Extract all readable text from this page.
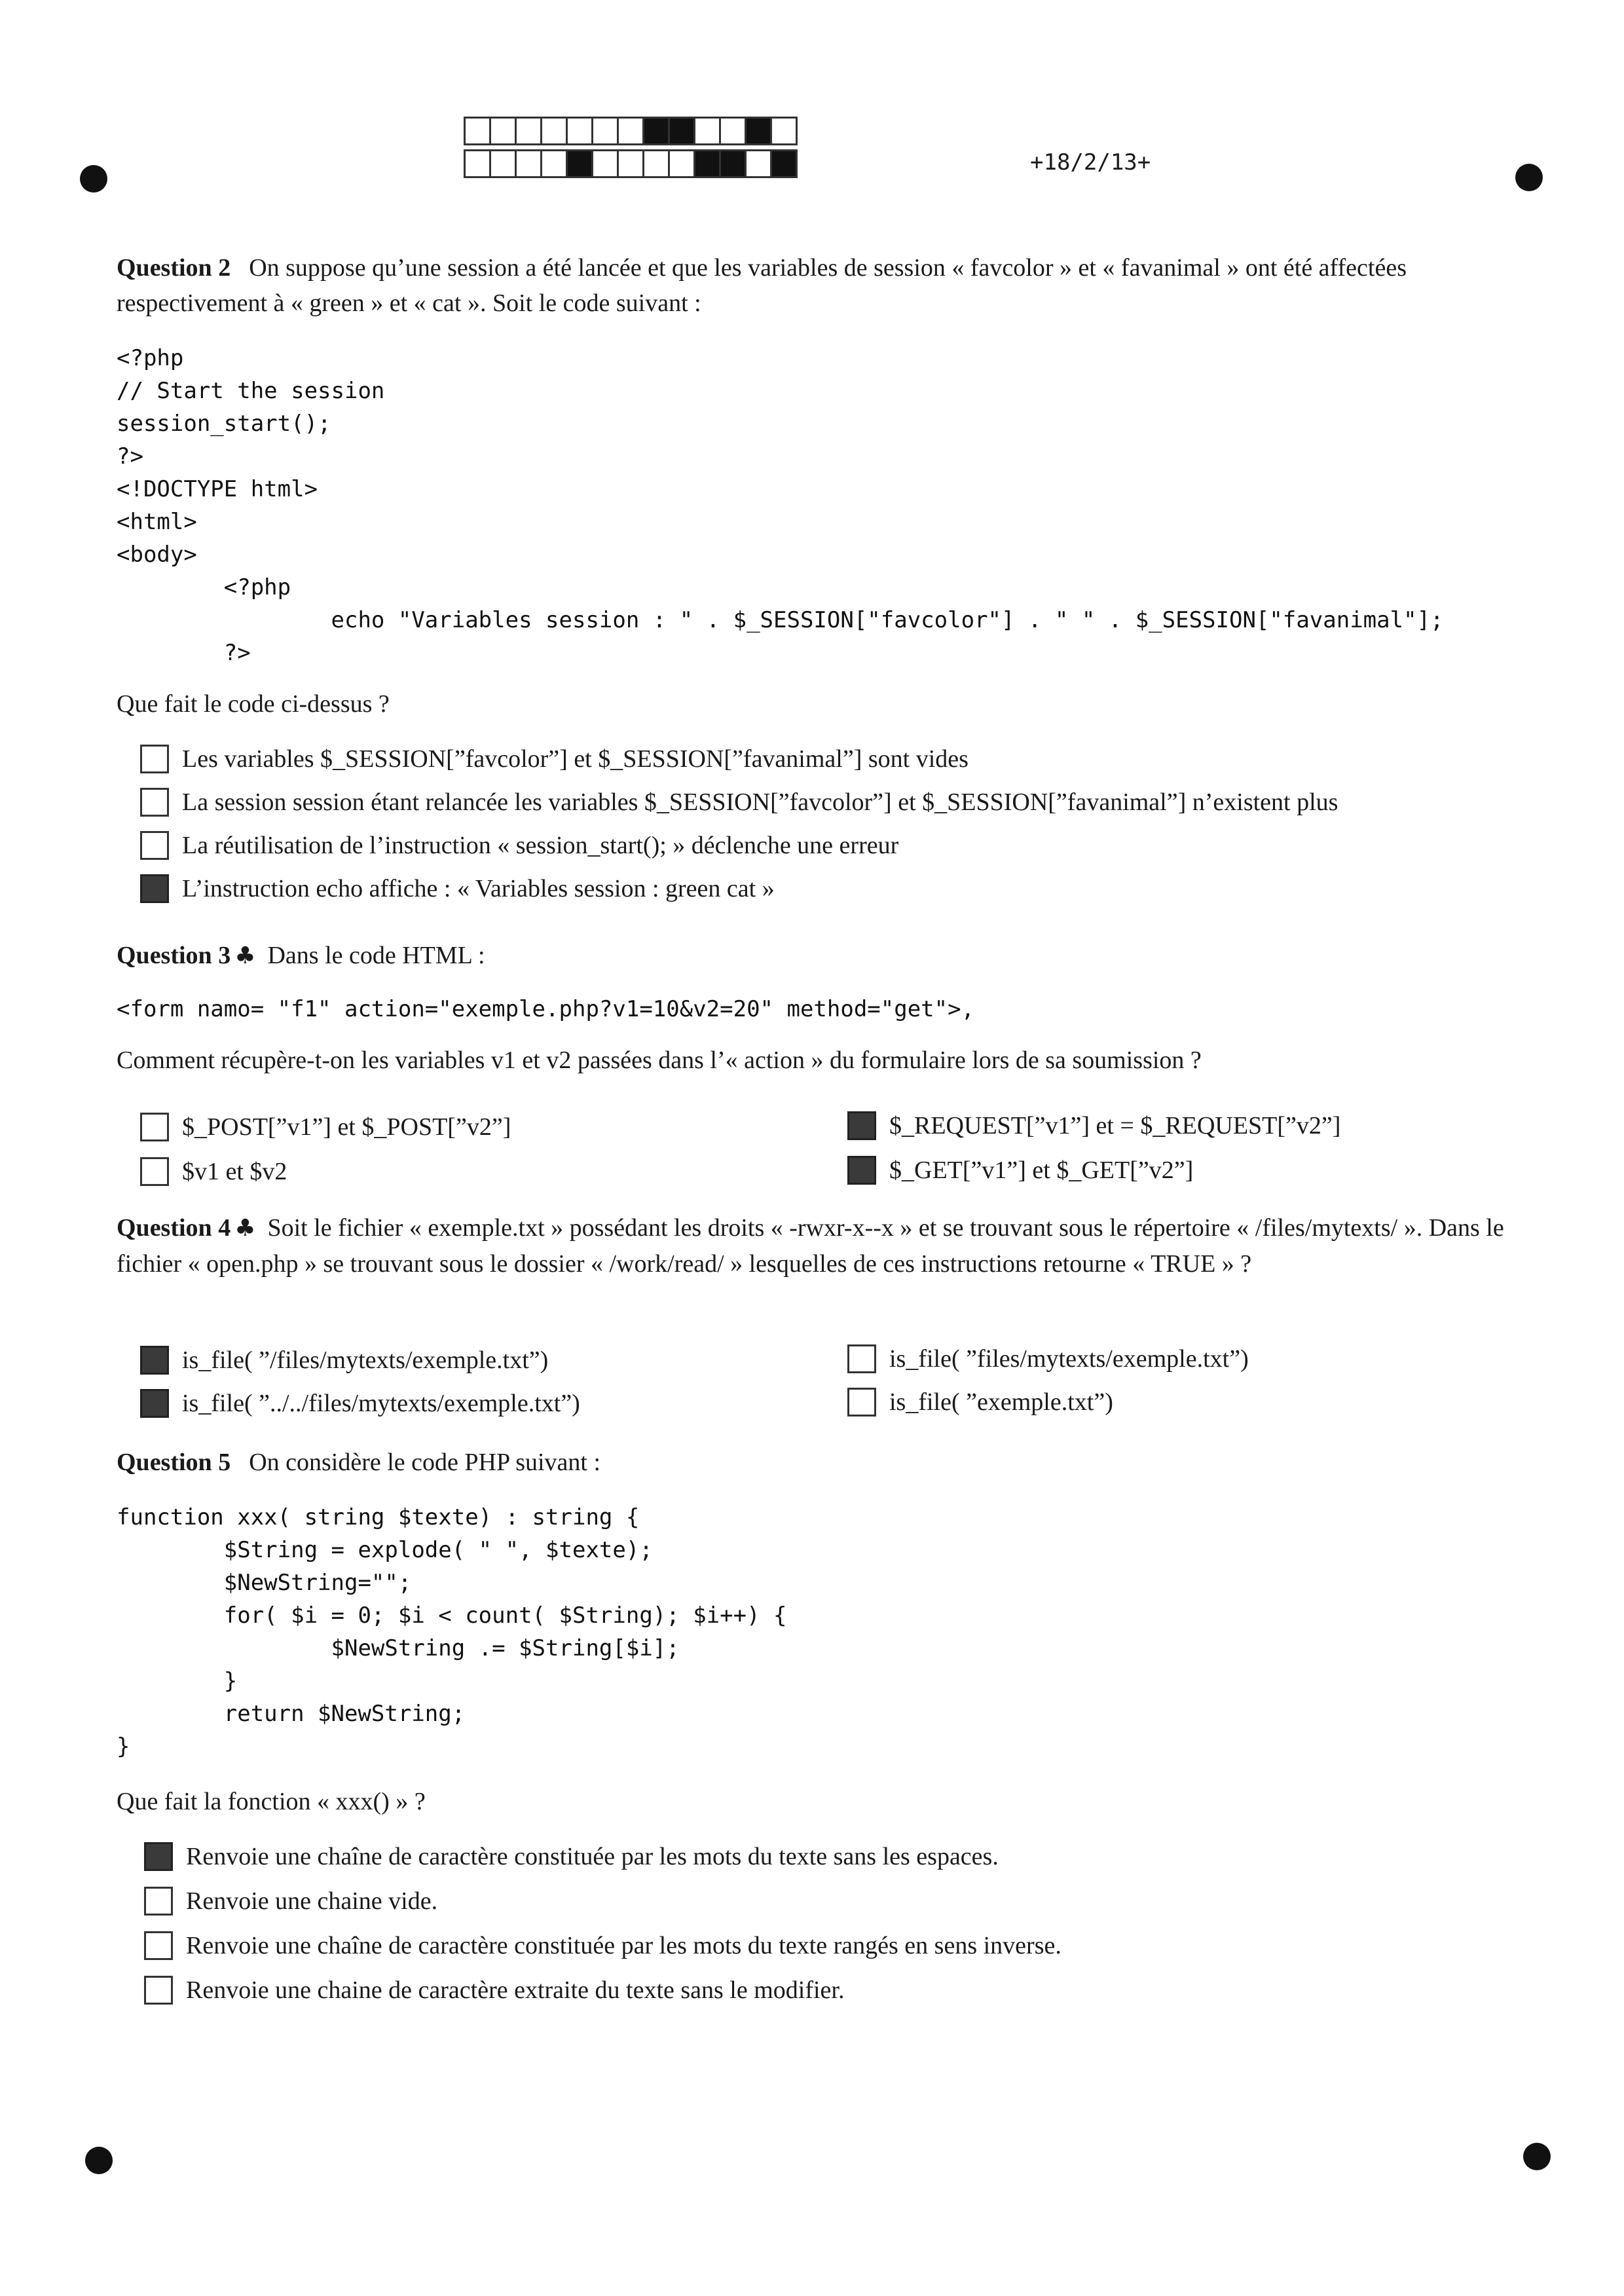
+18/2/13+
Question 2 On suppose qu’une session a été lancée et que les variables de session « favcolor » et « favanimal » ont été affectées respectivement à « green » et « cat ». Soit le code suivant :
<?php
// Start the session
session_start();
?>
<!DOCTYPE html>
<html>
<body>
<?php
echo "Variables session : " . $_SESSION["favcolor"] . " " . $_SESSION["favanimal"];
?>
Que fait le code ci-dessus ?
Les variables $_SESSION[”favcolor”] et $_SESSION[”favanimal”] sont vides
La session session étant relancée les variables $_SESSION[”favcolor”] et $_SESSION[”favanimal”] n’existent plus
La réutilisation de l’instruction « session_start(); » déclenche une erreur
L’instruction echo affiche : « Variables session : green cat »
Question 3 ♣ Dans le code HTML :
<form namo= "f1" action="exemple.php?v1=10&v2=20" method="get">,
Comment récupère-t-on les variables v1 et v2 passées dans l’« action » du formulaire lors de sa soumission ?
$_POST[”v1”] et $_POST[”v2”]	$_REQUEST[”v1”] et = $_REQUEST[”v2”]
$v1 et $v2	$_GET[”v1”] et $_GET[”v2”]
Question 4 ♣ Soit le fichier « exemple.txt » possédant les droits « -rwxr-x--x » et se trouvant sous le répertoire « /files/mytexts/ ». Dans le fichier « open.php » se trouvant sous le dossier « /work/read/ » lesquelles de ces instructions retourne « TRUE » ?
is_file( ”/files/mytexts/exemple.txt”)	is_file( ”files/mytexts/exemple.txt”)
is_file( ”../../files/mytexts/exemple.txt”)	is_file( ”exemple.txt”)
Question 5 On considère le code PHP suivant :
function xxx( string $texte) : string {
$String = explode( " ", $texte);
$NewString="";
for( $i = 0; $i < count( $String); $i++) {
$NewString .= $String[$i];
}
return $NewString;
}
Que fait la fonction « xxx() » ?
Renvoie une chaîne de caractère constituée par les mots du texte sans les espaces.
Renvoie une chaine vide.
Renvoie une chaîne de caractère constituée par les mots du texte rangés en sens inverse.
Renvoie une chaine de caractère extraite du texte sans le modifier.
